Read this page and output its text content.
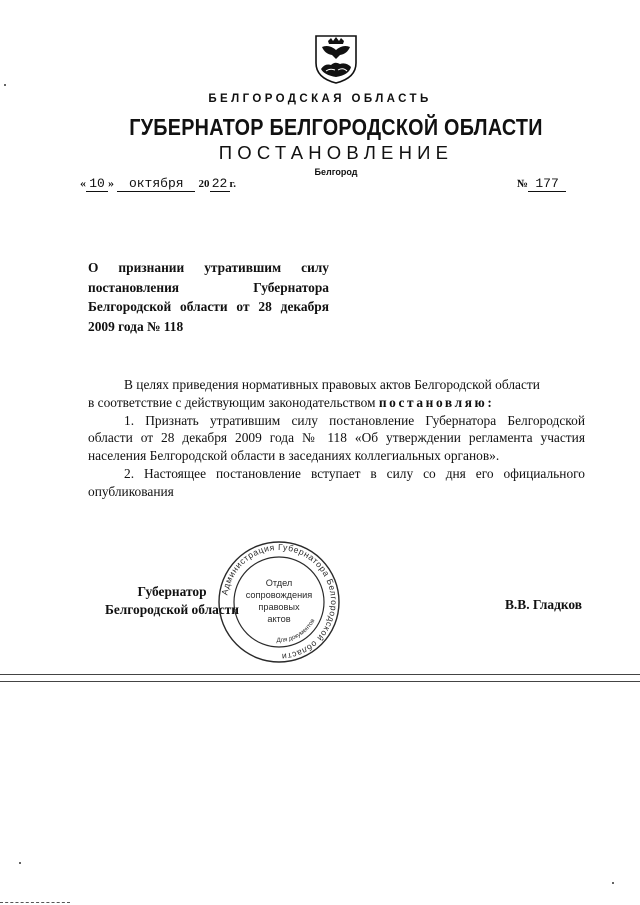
БЕЛГОРОДСКАЯ ОБЛАСТЬ
ГУБЕРНАТОР БЕЛГОРОДСКОЙ ОБЛАСТИ
ПОСТАНОВЛЕНИЕ
Белгород
« 10 » октября 20 22 г.	№ 177
О признании утратившим силу постановления Губернатора Белгородской области от 28 декабря 2009 года № 118

В целях приведения нормативных правовых актов Белгородской области

в соответствие с действующим законодательством постановляю:

1. Признать утратившим силу постановление Губернатора Белгородской области от 28 декабря 2009 года № 118 «Об утверждении регламента участия населения Белгородской области в заседаниях коллегиальных органов».

2. Настоящее постановление вступает в силу со дня его официального опубликования

Губернатор
Белгородской области	В.В. Гладков
Администрация Губернатора Белгородской области
Для документов
Отдел
сопровождения
правовых
актов
